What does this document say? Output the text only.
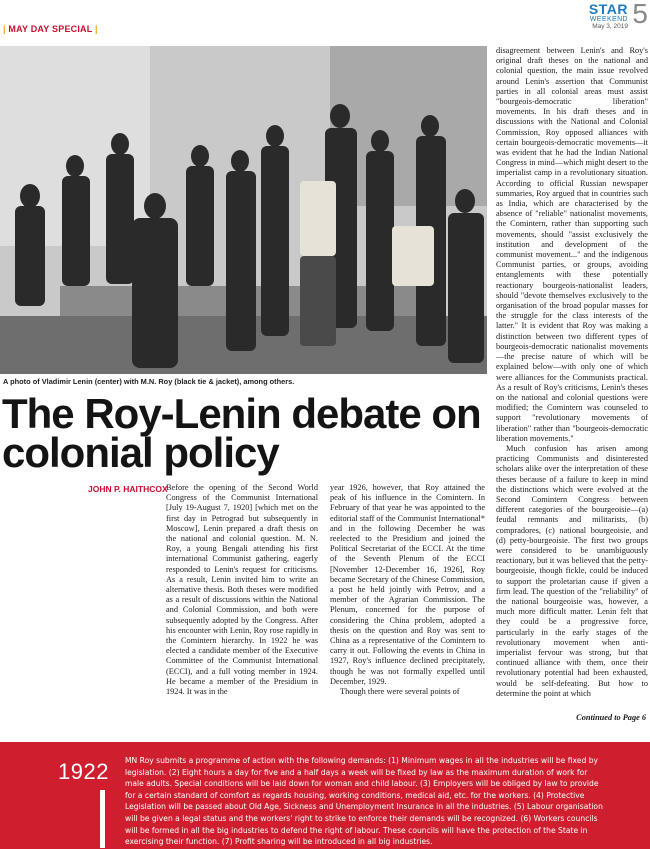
| MAY DAY SPECIAL |
STAR
WEEKEND
May 3, 2019 5
A photo of Vladimir Lenin (center) with M.N. Roy (black tie & jacket), among others.
The Roy-Lenin debate on
colonial policy
JOHN P. HAITHCOX

Before the opening of the Second World Congress of the Communist International [July 19-August 7, 1920] [which met on the first day in Petrograd but subsequently in Moscow], Lenin prepared a draft thesis on the national and colonial question. M. N. Roy, a young Bengali attending his first international Communist gathering, eagerly responded to Lenin's request for criticisms. As a result, Lenin invited him to write an alternative thesis. Both theses were modified as a result of discussions within the National and Colonial Commission, and both were subsequently adopted by the Congress. After his encounter with Lenin, Roy rose rapidly in the Comintern hierarchy. In 1922 he was elected a candidate member of the Executive Committee of the Communist International (ECCI), and a full voting member in 1924. He became a member of the Presidium in 1924. It was in the

year 1926, however, that Roy attained the peak of his influence in the Comintern. In February of that year he was appointed to the editorial staff of the Communist International* and in the following December he was reelected to the Presidium and joined the Political Secretariat of the ECCI. At the time of the Seventh Plenum of the ECCI [November 12-December 16, 1926], Roy became Secretary of the Chinese Commission, a post he held jointly with Petrov, and a member of the Agrarian Commission. The Plenum, concerned for the purpose of considering the China problem, adopted a thesis on the question and Roy was sent to China as a representative of the Comintern to carry it out. Following the events in China in 1927, Roy's influence declined precipitately, though he was not formally expelled until December, 1929.

Though there were several points of

disagreement between Lenin's and Roy's original draft theses on the national and colonial question, the main issue revolved around Lenin's assertion that Communist parties in all colonial areas must assist "bourgeois-democratic liberation" movements. In his draft theses and in discussions with the National and Colonial Commission, Roy opposed alliances with certain bourgeois-democratic movements—it was evident that he had the Indian National Congress in mind—which might desert to the imperialist camp in a revolutionary situation. According to official Russian newspaper summaries, Roy argued that in countries such as India, which are characterised by the absence of "reliable" nationalist movements, the Comintern, rather than supporting such movements, should "assist exclusively the institution and development of the communist movement..." and the indigenous Communist parties, or groups, avoiding entanglements with these potentially reactionary bourgeois-nationalist leaders, should "devote themselves exclusively to the organisation of the broad popular masses for the struggle for the class interests of the latter." It is evident that Roy was making a distinction between two different types of bourgeois-democratic nationalist movements—the precise nature of which will be explained below—with only one of which were alliances for the Communists practical. As a result of Roy's criticisms, Lenin's theses on the national and colonial questions were modified; the Comintern was counseled to support "revolutionary movements of liberation" rather than "bourgeois-democratic liberation movements."

Much confusion has arisen among practicing Communists and disinterested scholars alike over the interpretation of these theses because of a failure to keep in mind the distinctions which were evolved at the Second Comintern Congress between different categories of the bourgeoisie—(a) feudal remnants and militarists, (b) compradores, (c) national bourgeoisie, and (d) petty-bourgeoisie. The first two groups were considered to be unambiguously reactionary, but it was believed that the petty-bourgeoisie, though fickle, could be induced to support the proletarian cause if given a firm lead. The question of the "reliability" of the national bourgeoisie was, however, a much more difficult matter. Lenin felt that they could be a progressive force, particularly in the early stages of the revolutionary movement when anti-imperialist fervour was strong, but that continued alliance with them, once their revolutionary potential had been exhausted, would be self-defeating. But how to determine the point at which

Continued to Page 6
1922 MN Roy submits a programme of action with the following demands: (1) Minimum wages in all the industries will be fixed by legislation. (2) Eight hours a day for five and a half days a week will be fixed by law as the maximum duration of work for male adults. Special conditions will be laid down for woman and child labour. (3) Employers will be obliged by law to provide for a certain standard of comfort as regards housing, working conditions, medical aid, etc. for the workers. (4) Protective Legislation will be passed about Old Age, Sickness and Unemployment Insurance in all the industries. (5) Labour organisation will be given a legal status and the workers' right to strike to enforce their demands will be recognized. (6) Workers councils will be formed in all the big industries to defend the right of labour. These councils will have the protection of the State in exercising their function. (7) Profit sharing will be introduced in all big industries.
